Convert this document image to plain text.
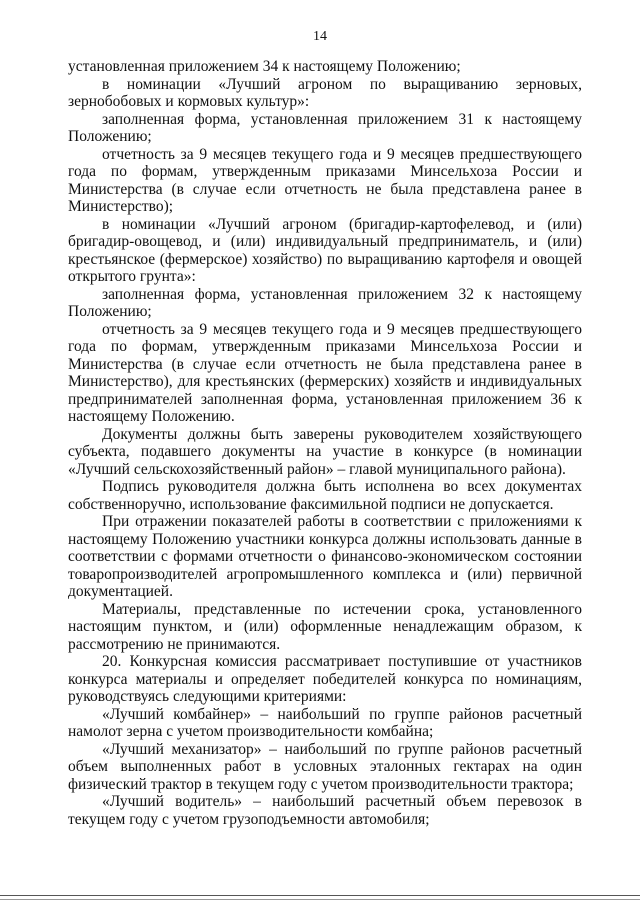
14

установленная приложением 34 к настоящему Положению;

в номинации «Лучший агроном по выращиванию зерновых, зернобобовых и кормовых культур»:

заполненная форма, установленная приложением 31 к настоящему Положению;

отчетность за 9 месяцев текущего года и 9 месяцев предшествующего года по формам, утвержденным приказами Минсельхоза России и Министерства (в случае если отчетность не была представлена ранее в Министерство);

в номинации «Лучший агроном (бригадир-картофелевод, и (или) бригадир-овощевод, и (или) индивидуальный предприниматель, и (или) крестьянское (фермерское) хозяйство) по выращиванию картофеля и овощей открытого грунта»:

заполненная форма, установленная приложением 32 к настоящему Положению;

отчетность за 9 месяцев текущего года и 9 месяцев предшествующего года по формам, утвержденным приказами Минсельхоза России и Министерства (в случае если отчетность не была представлена ранее в Министерство), для крестьянских (фермерских) хозяйств и индивидуальных предпринимателей заполненная форма, установленная приложением 36 к настоящему Положению.

Документы должны быть заверены руководителем хозяйствующего субъекта, подавшего документы на участие в конкурсе (в номинации «Лучший сельскохозяйственный район» – главой муниципального района).

Подпись руководителя должна быть исполнена во всех документах собственноручно, использование факсимильной подписи не допускается.

При отражении показателей работы в соответствии с приложениями к настоящему Положению участники конкурса должны использовать данные в соответствии с формами отчетности о финансово-экономическом состоянии товаропроизводителей агропромышленного комплекса и (или) первичной документацией.

Материалы, представленные по истечении срока, установленного настоящим пунктом, и (или) оформленные ненадлежащим образом, к рассмотрению не принимаются.

20. Конкурсная комиссия рассматривает поступившие от участников конкурса материалы и определяет победителей конкурса по номинациям, руководствуясь следующими критериями:

«Лучший комбайнер» – наибольший по группе районов расчетный намолот зерна с учетом производительности комбайна;

«Лучший механизатор» – наибольший по группе районов расчетный объем выполненных работ в условных эталонных гектарах на один физический трактор в текущем году с учетом производительности трактора;

«Лучший водитель» – наибольший расчетный объем перевозок в текущем году с учетом грузоподъемности автомобиля;
